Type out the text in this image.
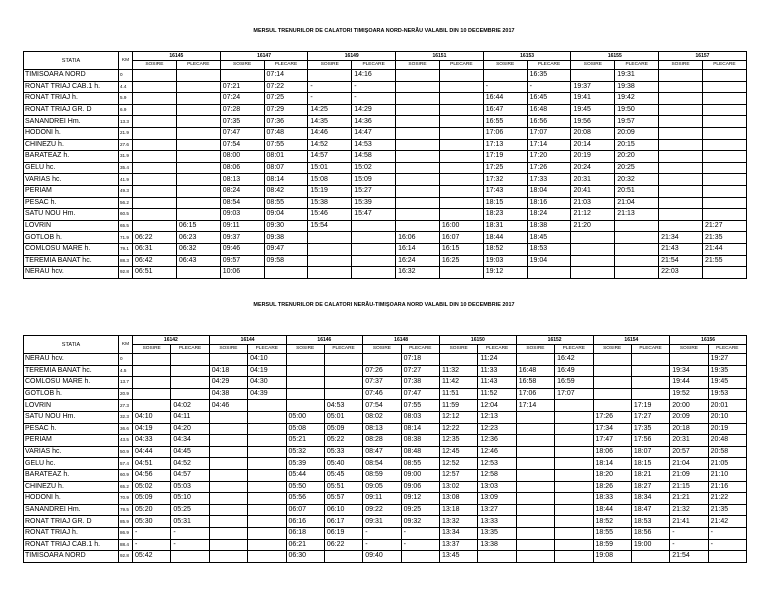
MERSUL TRENURILOR DE CALATORI TIMIŞOARA NORD-NERĂU VALABIL DIN 10 DECEMBRIE 2017
STATIA	KM	16145		16147		16149		16151		16153		16155		16157	
		SOSIRE	PLECARE	SOSIRE	PLECARE	SOSIRE	PLECARE	SOSIRE	PLECARE	SOSIRE	PLECARE	SOSIRE	PLECARE	SOSIRE	PLECARE
TIMISOARA NORD	0				07:14		14:16				16:35		19:31		
RONAT TRIAJ CAB.1 h.	4.4			07:21	07:22	-	-			-	-	19:37	19:38		
RONAT TRIAJ h.	5.9			07:24	07:25	-	-			16:44	16:45	19:41	19:42		
RONAT TRIAJ GR. D	6.9			07:28	07:29	14:25	14:29			16:47	16:48	19:45	19:50		
SANANDREI Hm.	13.3			07:35	07:36	14:35	14:36			16:55	16:56	19:56	19:57		
HODONI h.	21.9			07:47	07:48	14:46	14:47			17:06	17:07	20:08	20:09		
CHINEZU h.	27.6			07:54	07:55	14:52	14:53			17:13	17:14	20:14	20:15		
BARATEAZ h.	31.9			08:00	08:01	14:57	14:58			17:19	17:20	20:19	20:20		
GELU hc.	35.4			08:06	08:07	15:01	15:02			17:25	17:26	20:24	20:25		
VARIAS hc.	41.9			08:13	08:14	15:08	15:09			17:32	17:33	20:31	20:32		
PERIAM	49.3			08:24	08:42	15:19	15:27			17:43	18:04	20:41	20:51		
PESAC h.	56.2			08:54	08:55	15:38	15:39			18:15	18:16	21:03	21:04		
SATU NOU Hm.	60.5			09:03	09:04	15:46	15:47			18:23	18:24	21:12	21:13		
LOVRIN	65.5		06:15	09:11	09:30	15:54			16:00	18:31	18:38	21:20			21:27
GOTLOB h.	71.9	06:22	06:23	09:37	09:38			16:06	16:07	18:44	18:45			21:34	21:35
COMLOSU MARE h.	79.1	06:31	06:32	09:46	09:47			16:14	16:15	18:52	18:53			21:43	21:44
TEREMIA BANAT hc.	88.3	06:42	06:43	09:57	09:58			16:24	16:25	19:03	19:04			21:54	21:55
NERAU hcv.	92.8	06:51		10:06				16:32		19:12				22:03	
MERSUL TRENURILOR DE CALATORI NERĂU-TIMIŞOARA NORD VALABIL DIN 10 DECEMBRIE 2017
STATIA	KM	16142		16144		16146		16148		16150		16152		16154		16156	
		SOSIRE	PLECARE	SOSIRE	PLECARE	SOSIRE	PLECARE	SOSIRE	PLECARE	SOSIRE	PLECARE	SOSIRE	PLECARE	SOSIRE	PLECARE	SOSIRE	PLECARE
NERAU hcv.	0				04:10				07:18		11:24		16:42				19:27
TEREMIA BANAT hc.	4.5			04:18	04:19			07:26	07:27	11:32	11:33	16:48	16:49			19:34	19:35
COMLOSU MARE h.	13.7			04:29	04:30			07:37	07:38	11:42	11:43	16:58	16:59			19:44	19:45
GOTLOB h.	20.9			04:38	04:39			07:46	07:47	11:51	11:52	17:06	17:07			19:52	19:53
LOVRIN	27.3		04:02	04:46			04:53	07:54	07:55	11:59	12:04	17:14			17:19	20:00	20:01
SATU NOU Hm.	32.3	04:10	04:11			05:00	05:01	08:02	08:03	12:12	12:13			17:26	17:27	20:09	20:10
PESAC h.	36.6	04:19	04:20			05:08	05:09	08:13	08:14	12:22	12:23			17:34	17:35	20:18	20:19
PERIAM	43.5	04:33	04:34			05:21	05:22	08:28	08:38	12:35	12:36			17:47	17:56	20:31	20:48
VARIAS hc.	50.9	04:44	04:45			05:32	05:33	08:47	08:48	12:45	12:46			18:06	18:07	20:57	20:58
GELU hc.	57.4	04:51	04:52			05:39	05:40	08:54	08:55	12:52	12:53			18:14	18:15	21:04	21:05
BARATEAZ h.	60.9	04:56	04:57			05:44	05:45	08:59	09:00	12:57	12:58			18:20	18:21	21:09	21:10
CHINEZU h.	65.2	05:02	05:03			05:50	05:51	09:05	09:06	13:02	13:03			18:26	18:27	21:15	21:16
HODONI h.	70.9	05:09	05:10			05:56	05:57	09:11	09:12	13:08	13:09			18:33	18:34	21:21	21:22
SANANDREI Hm.	79.5	05:20	05:25			06:07	06:10	09:22	09:25	13:18	13:27			18:44	18:47	21:32	21:35
RONAT TRIAJ GR. D	85.9	05:30	05:31			06:16	06:17	09:31	09:32	13:32	13:33			18:52	18:53	21:41	21:42
RONAT TRIAJ h.	86.9	-	-			06:18	06:19	-	-	13:34	13:35			18:55	18:56	-	-
RONAT TRIAJ CAB.1 h.	88.4	-	-			06:21	06:22	-	-	13:37	13:38			18:59	19:00	-	-
TIMISOARA NORD	92.8	05:42				06:30		09:40		13:45				19:08		21:54	
